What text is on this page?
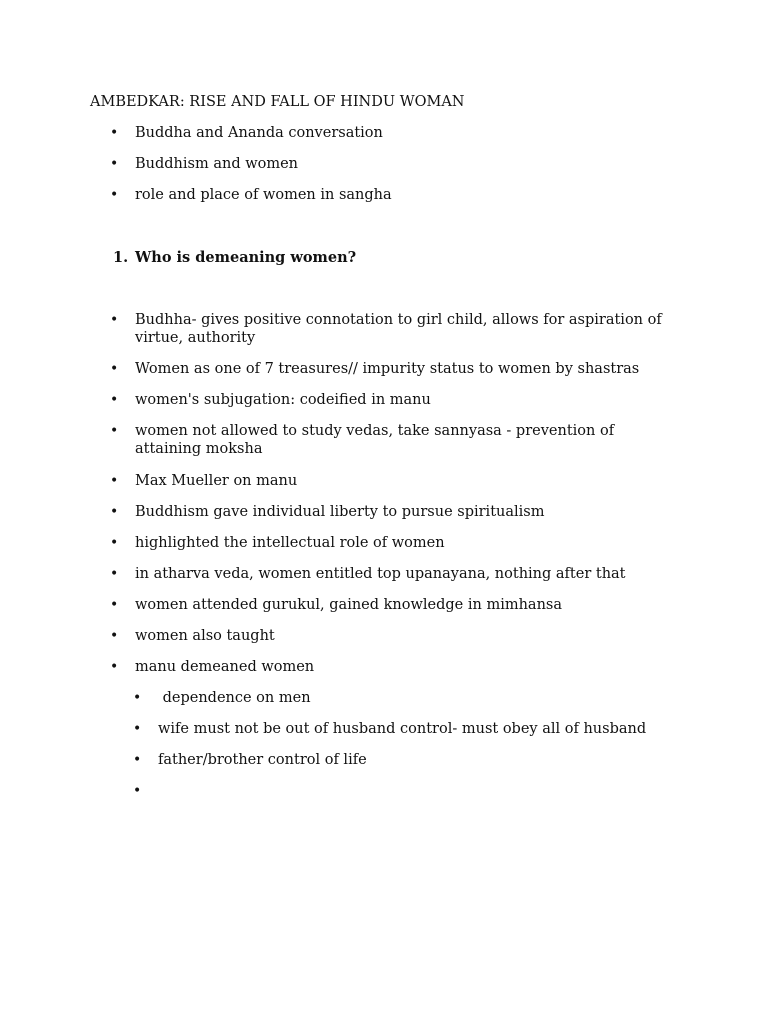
AMBEDKAR: RISE AND FALL OF HINDU WOMAN
• Buddha and Ananda conversation
• Buddhism and women
• role and place of women in sangha
1. Who is demeaning women?
• Budhha- gives positive connotation to girl child, allows for aspiration of virtue, authority
• Women as one of 7 treasures// impurity status to women by shastras
• women's subjugation: codeified in manu
• women not allowed to study vedas, take sannyasa - prevention of attaining moksha
• Max Mueller on manu
• Buddhism gave individual liberty to pursue spiritualism
• highlighted the intellectual role of women
• in atharva veda, women entitled top upanayana, nothing after that
• women attended gurukul, gained knowledge in mimhansa
• women also taught
• manu demeaned women
• dependence on men
• wife must not be out of husband control- must obey all of husband
• father/brother control of life
•
